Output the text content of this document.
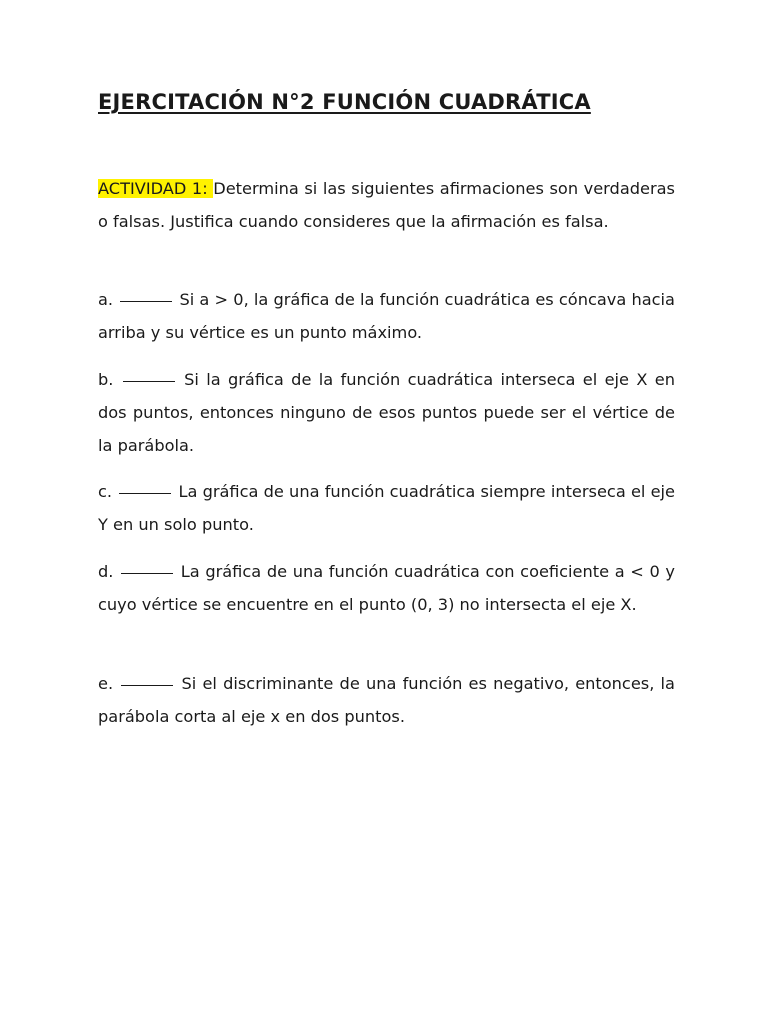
EJERCITACIÓN N°2 FUNCIÓN CUADRÁTICA

ACTIVIDAD 1: Determina si las siguientes afirmaciones son verdaderas o falsas. Justifica cuando consideres que la afirmación es falsa.

a.	Si a > 0, la gráfica de la función cuadrática es cóncava hacia arriba y su vértice es un punto máximo.

b.	Si la gráfica de la función cuadrática interseca el eje X en dos puntos, entonces ninguno de esos puntos puede ser el vértice de la parábola.

c.	La gráfica de una función cuadrática siempre interseca el eje Y en un solo punto.

d.	La gráfica de una función cuadrática con coeficiente a < 0 y cuyo vértice se encuentre en el punto (0, 3) no intersecta el eje X.

e.	Si el discriminante de una función es negativo, entonces, la parábola corta al eje x en dos puntos.
